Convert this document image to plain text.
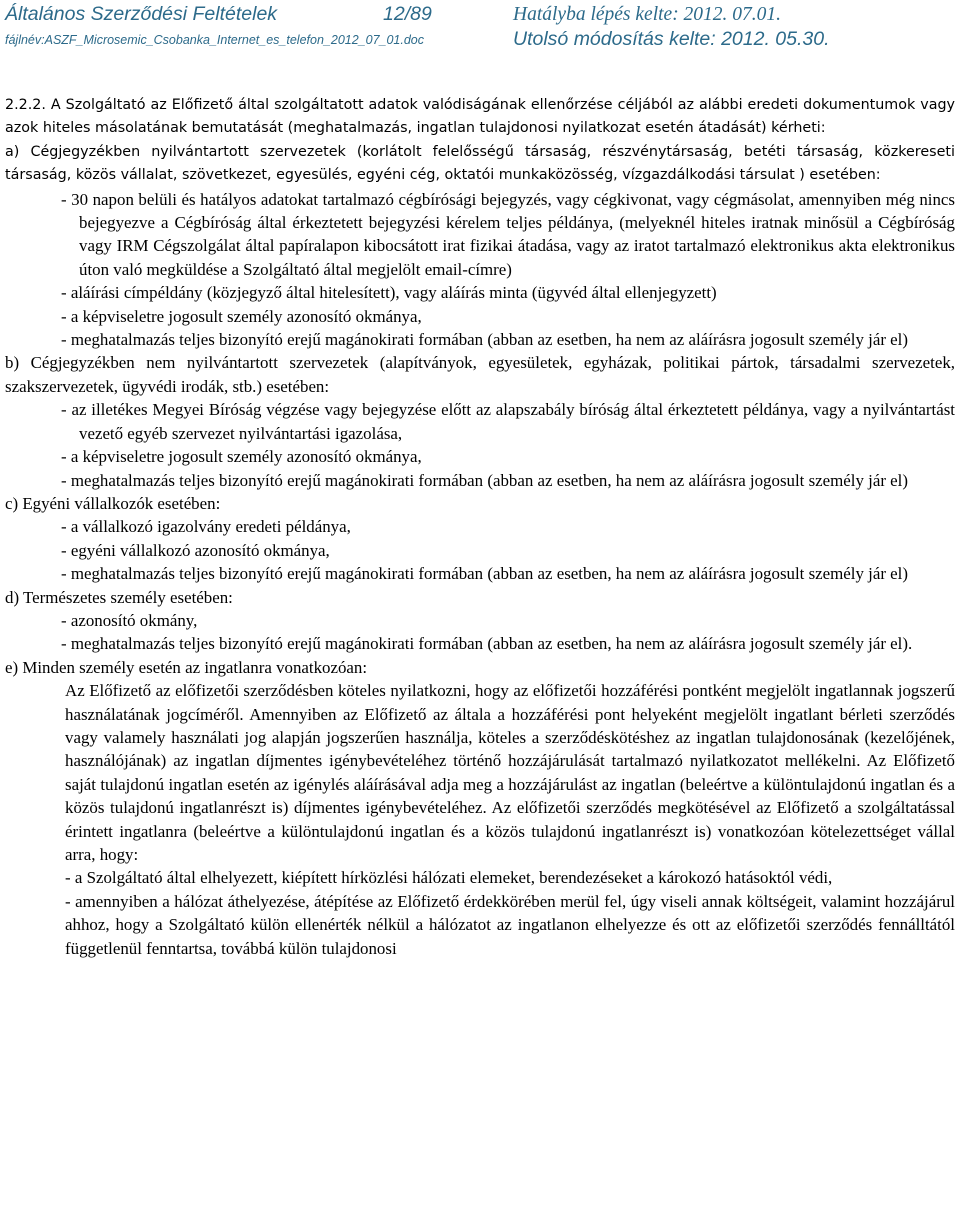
Általános Szerződési Feltételek	12/89
fájlnév:ASZF_Microsemic_Csobanka_Internet_es_telefon_2012_07_01.doc
Hatályba lépés kelte: 2012. 07.01.
Utolsó módosítás kelte: 2012. 05.30.

2.2.2. A Szolgáltató az Előfizető által szolgáltatott adatok valódiságának ellenőrzése céljából az alábbi eredeti dokumentumok vagy azok hiteles másolatának bemutatását (meghatalmazás, ingatlan tulajdonosi nyilatkozat esetén átadását) kérheti:

a) Cégjegyzékben nyilvántartott szervezetek (korlátolt felelősségű társaság, részvénytársaság, betéti társaság, közkereseti társaság, közös vállalat, szövetkezet, egyesülés, egyéni cég, oktatói munkaközösség, vízgazdálkodási társulat ) esetében:

- 30 napon belüli és hatályos adatokat tartalmazó cégbírósági bejegyzés, vagy cégkivonat, vagy cégmásolat, amennyiben még nincs bejegyezve a Cégbíróság által érkeztetett bejegyzési kérelem teljes példánya, (melyeknél hiteles iratnak minősül a Cégbíróság vagy IRM Cégszolgálat által papíralapon kibocsátott irat fizikai átadása, vagy az iratot tartalmazó elektronikus akta elektronikus úton való megküldése a Szolgáltató által megjelölt email-címre)

- aláírási címpéldány (közjegyző által hitelesített), vagy aláírás minta (ügyvéd által ellenjegyzett)

- a képviseletre jogosult személy azonosító okmánya,

- meghatalmazás teljes bizonyító erejű magánokirati formában (abban az esetben, ha nem az aláírásra jogosult személy jár el)

b) Cégjegyzékben nem nyilvántartott szervezetek (alapítványok, egyesületek, egyházak, politikai pártok, társadalmi szervezetek, szakszervezetek, ügyvédi irodák, stb.) esetében:

- az illetékes Megyei Bíróság végzése vagy bejegyzése előtt az alapszabály bíróság által érkeztetett példánya, vagy a nyilvántartást vezető egyéb szervezet nyilvántartási igazolása,

- a képviseletre jogosult személy azonosító okmánya,

- meghatalmazás teljes bizonyító erejű magánokirati formában (abban az esetben, ha nem az aláírásra jogosult személy jár el)

c) Egyéni vállalkozók esetében:

- a vállalkozó igazolvány eredeti példánya,

- egyéni vállalkozó azonosító okmánya,

- meghatalmazás teljes bizonyító erejű magánokirati formában (abban az esetben, ha nem az aláírásra jogosult személy jár el)

d) Természetes személy esetében:

- azonosító okmány,

- meghatalmazás teljes bizonyító erejű magánokirati formában (abban az esetben, ha nem az aláírásra jogosult személy jár el).

e) Minden személy esetén az ingatlanra vonatkozóan:

Az Előfizető az előfizetői szerződésben köteles nyilatkozni, hogy az előfizetői hozzáférési pontként megjelölt ingatlannak jogszerű használatának jogcíméről. Amennyiben az Előfizető az általa a hozzáférési pont helyeként megjelölt ingatlant bérleti szerződés vagy valamely használati jog alapján jogszerűen használja, köteles a szerződéskötéshez az ingatlan tulajdonosának (kezelőjének, használójának) az ingatlan díjmentes igénybevételéhez történő hozzájárulását tartalmazó nyilatkozatot mellékelni. Az Előfizető saját tulajdonú ingatlan esetén az igénylés aláírásával adja meg a hozzájárulást az ingatlan (beleértve a különtulajdonú ingatlan és a közös tulajdonú ingatlanrészt is) díjmentes igénybevételéhez. Az előfizetői szerződés megkötésével az Előfizető a szolgáltatással érintett ingatlanra (beleértve a különtulajdonú ingatlan és a közös tulajdonú ingatlanrészt is) vonatkozóan kötelezettséget vállal arra, hogy:

- a Szolgáltató által elhelyezett, kiépített hírközlési hálózati elemeket, berendezéseket a károkozó hatásoktól védi,

- amennyiben a hálózat áthelyezése, átépítése az Előfizető érdekkörében merül fel, úgy viseli annak költségeit, valamint hozzájárul ahhoz, hogy a Szolgáltató külön ellenérték nélkül a hálózatot az ingatlanon elhelyezze és ott az előfizetői szerződés fennálltától függetlenül fenntartsa, továbbá külön tulajdonosi
